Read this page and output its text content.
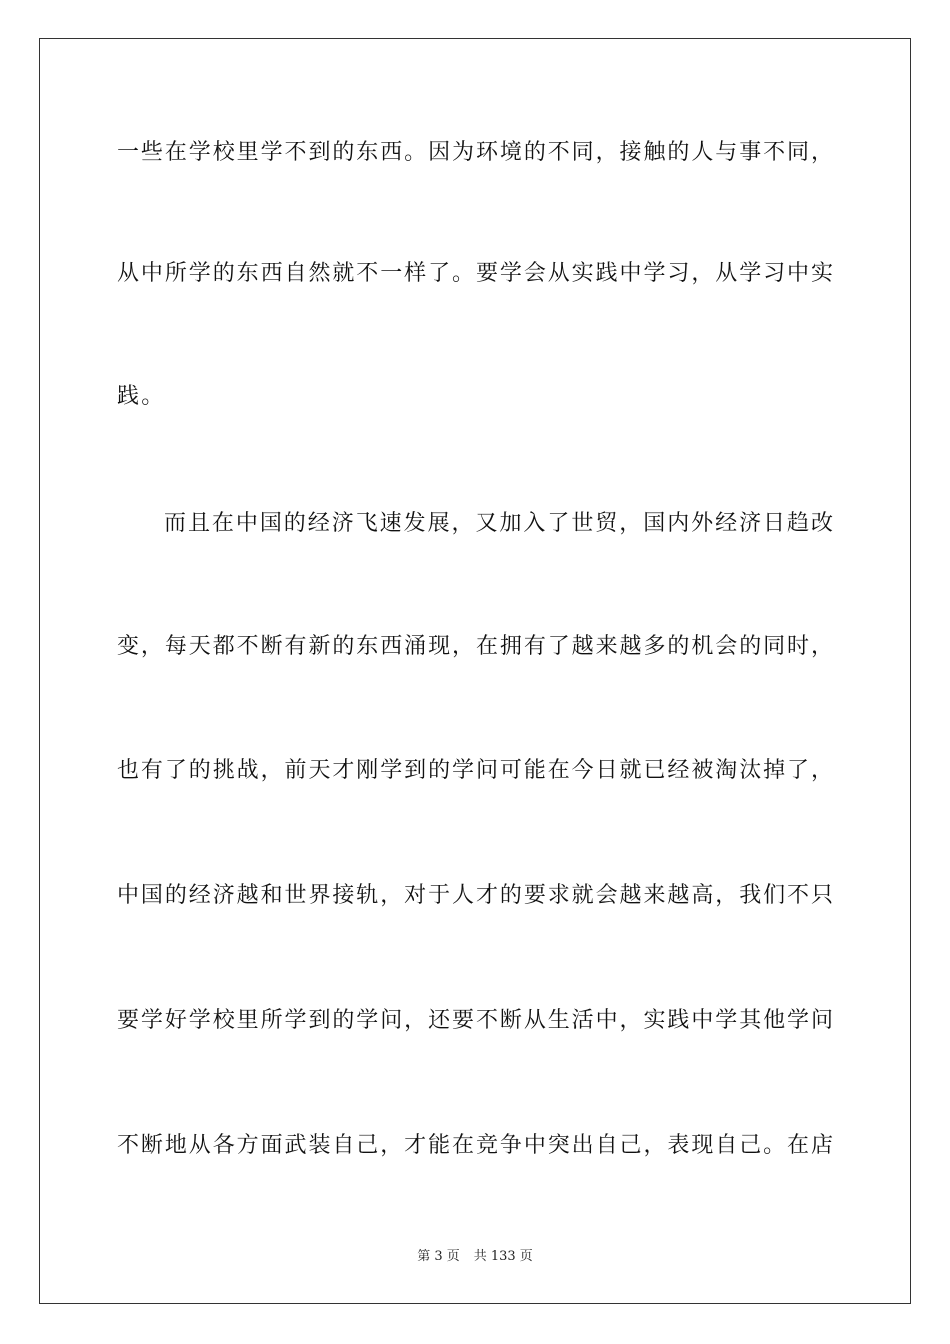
一些在学校里学不到的东西。因为环境的不同，接触的人与事不同，
从中所学的东西自然就不一样了。要学会从实践中学习，从学习中实
践。
而且在中国的经济飞速发展，又加入了世贸，国内外经济日趋改
变，每天都不断有新的东西涌现，在拥有了越来越多的机会的同时，
也有了的挑战，前天才刚学到的学问可能在今日就已经被淘汰掉了，
中国的经济越和世界接轨，对于人才的要求就会越来越高，我们不只
要学好学校里所学到的学问，还要不断从生活中，实践中学其他学问
不断地从各方面武装自己，才能在竞争中突出自己，表现自己。在店
第 3 页 共 133 页
